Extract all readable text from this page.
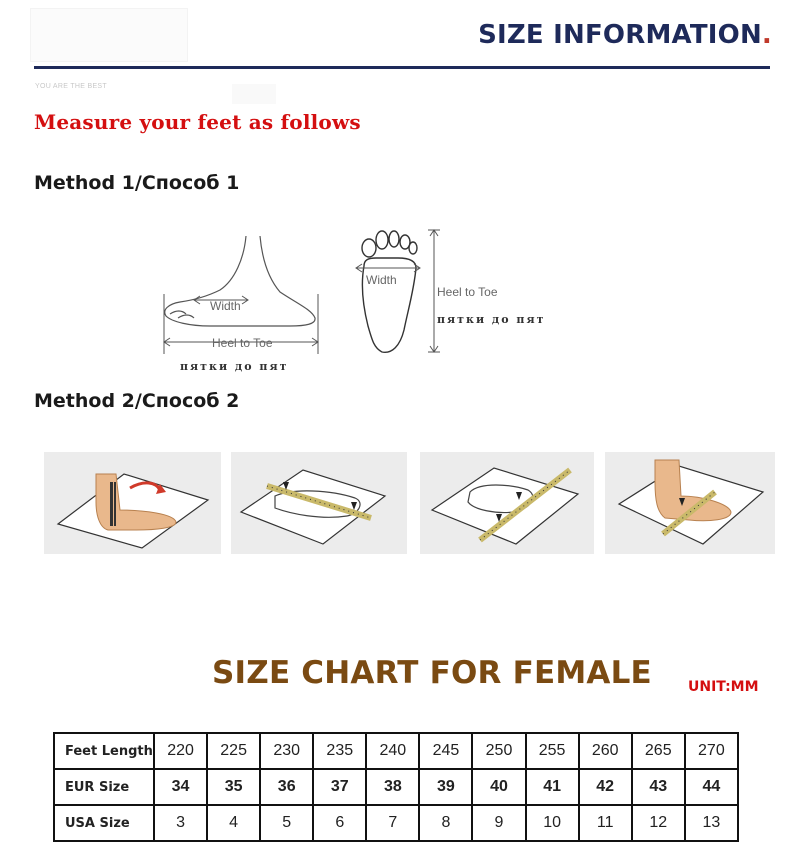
SIZE INFORMATION.
YOU ARE THE BEST
Measure your feet as follows
Method 1/Способ 1
Width
Heel to Toe
пятки до пят
Width
Heel to Toe
пятки до пят
Method 2/Способ 2
SIZE CHART FOR FEMALE	UNIT:MM
Feet Length	220	225	230	235	240	245	250	255	260	265	270
EUR Size	34	35	36	37	38	39	40	41	42	43	44
USA Size	3	4	5	6	7	8	9	10	11	12	13
